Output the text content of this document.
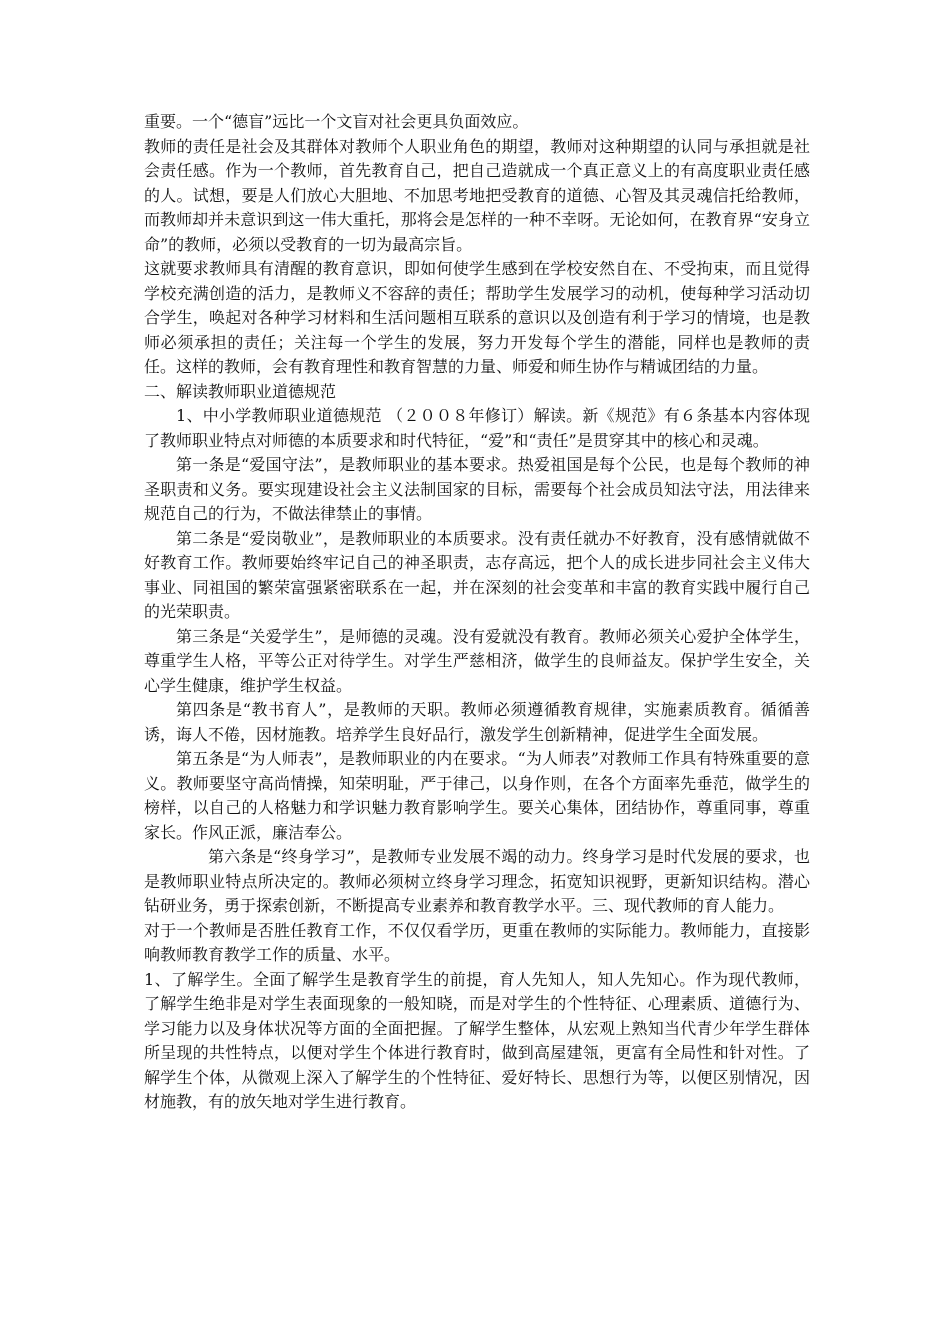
重要。一个“德盲”远比一个文盲对社会更具负面效应。

教师的责任是社会及其群体对教师个人职业角色的期望，教师对这种期望的认同与承担就是社会责任感。作为一个教师，首先教育自己，把自己造就成一个真正意义上的有高度职业责任感的人。试想，要是人们放心大胆地、不加思考地把受教育的道德、心智及其灵魂信托给教师，而教师却并未意识到这一伟大重托，那将会是怎样的一种不幸呀。无论如何，在教育界“安身立命”的教师，必须以受教育的一切为最高宗旨。

这就要求教师具有清醒的教育意识，即如何使学生感到在学校安然自在、不受拘束，而且觉得学校充满创造的活力，是教师义不容辞的责任；帮助学生发展学习的动机，使每种学习活动切合学生，唤起对各种学习材料和生活问题相互联系的意识以及创造有利于学习的情境，也是教师必须承担的责任；关注每一个学生的发展，努力开发每个学生的潜能，同样也是教师的责任。这样的教师，会有教育理性和教育智慧的力量、师爱和师生协作与精诚团结的力量。

二、解读教师职业道德规范

1、中小学教师职业道德规范 （２００８年修订）解读。新《规范》有６条基本内容体现了教师职业特点对师德的本质要求和时代特征，“爱”和“责任”是贯穿其中的核心和灵魂。

第一条是“爱国守法”，是教师职业的基本要求。热爱祖国是每个公民，也是每个教师的神圣职责和义务。要实现建设社会主义法制国家的目标，需要每个社会成员知法守法，用法律来规范自己的行为，不做法律禁止的事情。

第二条是“爱岗敬业”，是教师职业的本质要求。没有责任就办不好教育，没有感情就做不好教育工作。教师要始终牢记自己的神圣职责，志存高远，把个人的成长进步同社会主义伟大事业、同祖国的繁荣富强紧密联系在一起，并在深刻的社会变革和丰富的教育实践中履行自己的光荣职责。

第三条是“关爱学生”，是师德的灵魂。没有爱就没有教育。教师必须关心爱护全体学生，尊重学生人格，平等公正对待学生。对学生严慈相济，做学生的良师益友。保护学生安全，关心学生健康，维护学生权益。

第四条是“教书育人”，是教师的天职。教师必须遵循教育规律，实施素质教育。循循善诱，诲人不倦，因材施教。培养学生良好品行，激发学生创新精神，促进学生全面发展。

第五条是“为人师表”，是教师职业的内在要求。“为人师表”对教师工作具有特殊重要的意义。教师要坚守高尚情操，知荣明耻，严于律己，以身作则，在各个方面率先垂范，做学生的榜样，以自己的人格魅力和学识魅力教育影响学生。要关心集体，团结协作，尊重同事，尊重家长。作风正派，廉洁奉公。

第六条是“终身学习”，是教师专业发展不竭的动力。终身学习是时代发展的要求，也是教师职业特点所决定的。教师必须树立终身学习理念，拓宽知识视野，更新知识结构。潜心钻研业务，勇于探索创新，不断提高专业素养和教育教学水平。三、现代教师的育人能力。

对于一个教师是否胜任教育工作，不仅仅看学历，更重在教师的实际能力。教师能力，直接影响教师教育教学工作的质量、水平。

1、了解学生。全面了解学生是教育学生的前提，育人先知人，知人先知心。作为现代教师，了解学生绝非是对学生表面现象的一般知晓，而是对学生的个性特征、心理素质、道德行为、学习能力以及身体状况等方面的全面把握。了解学生整体，从宏观上熟知当代青少年学生群体所呈现的共性特点，以便对学生个体进行教育时，做到高屋建瓴，更富有全局性和针对性。了解学生个体，从微观上深入了解学生的个性特征、爱好特长、思想行为等，以便区别情况，因材施教，有的放矢地对学生进行教育。
